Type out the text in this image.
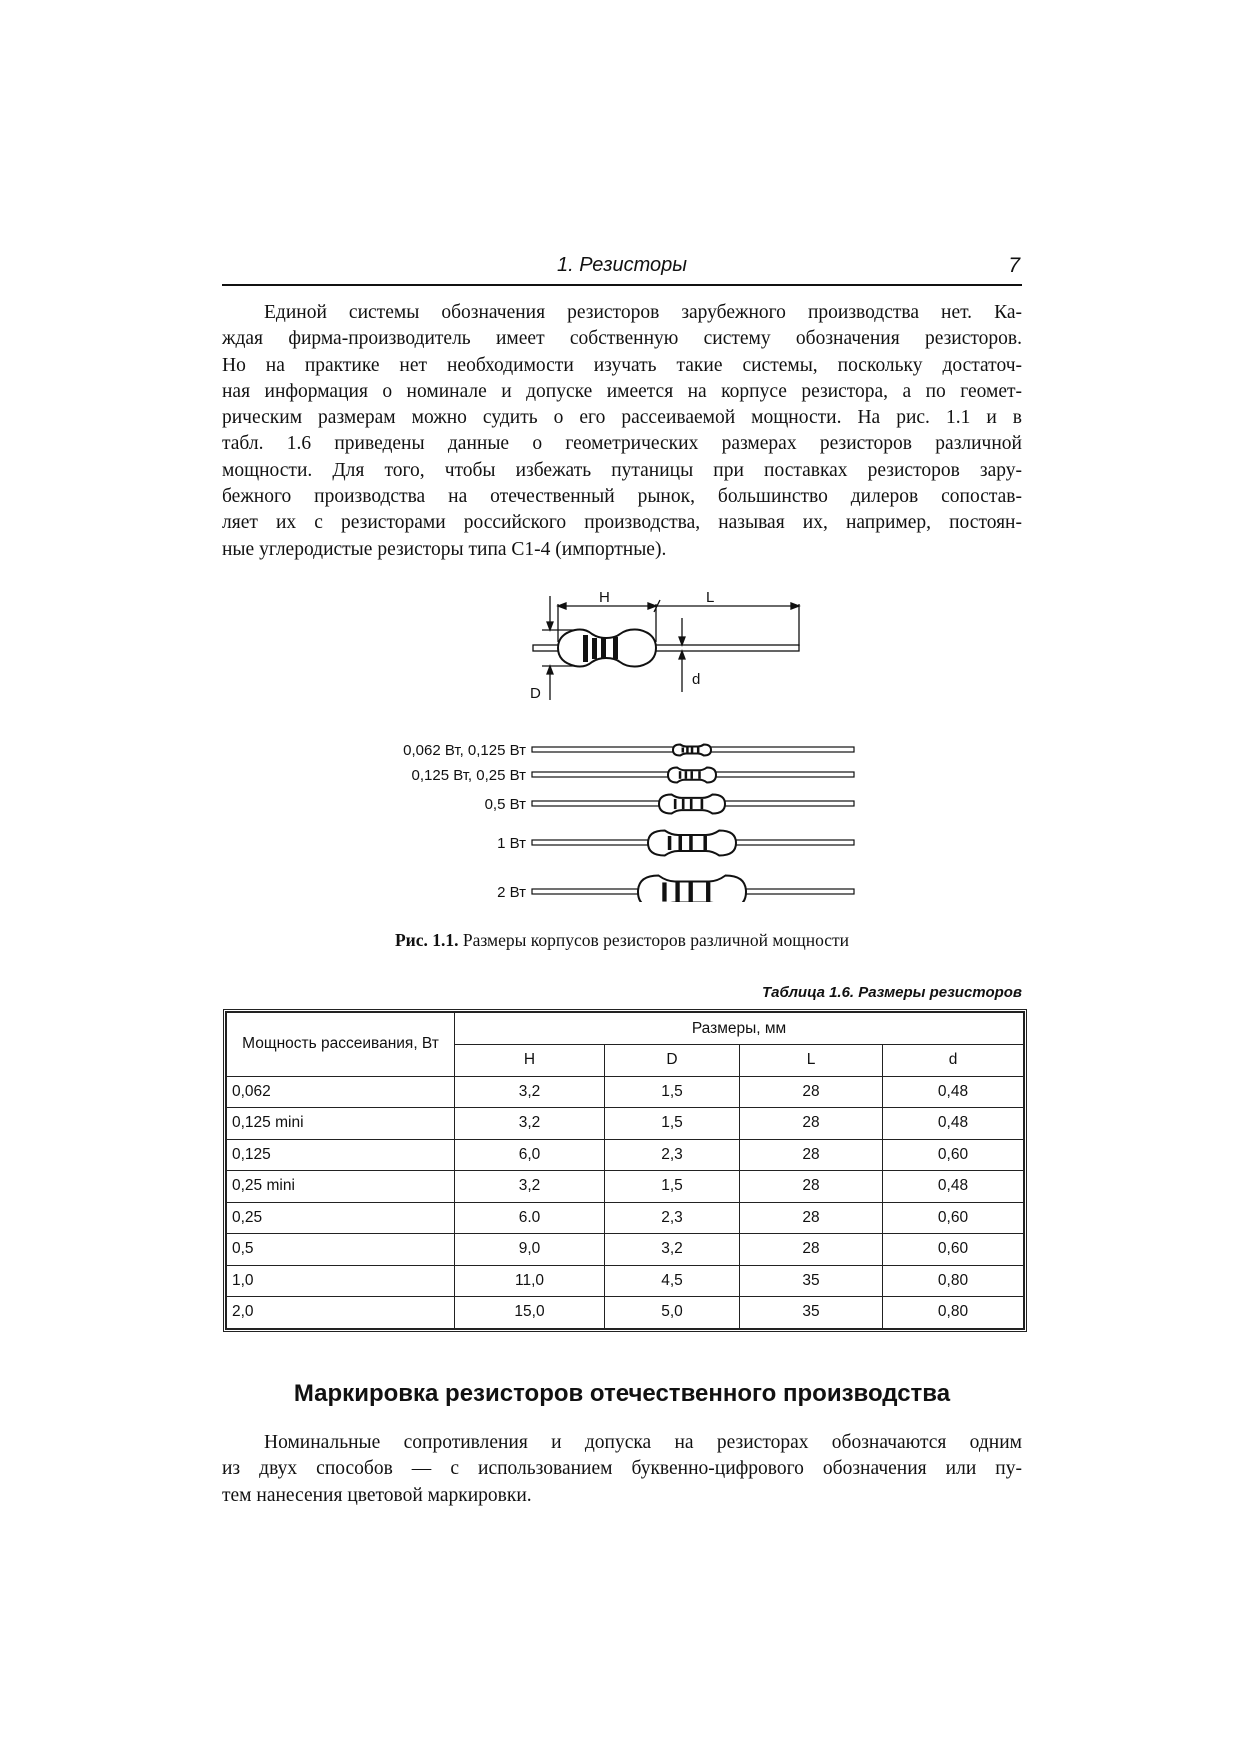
1. Резисторы	7
Единой системы обозначения резисторов зарубежного производства нет. Ка-
ждая фирма-производитель имеет собственную систему обозначения резисторов.
Но на практике нет необходимости изучать такие системы, поскольку достаточ-
ная информация о номинале и допуске имеется на корпусе резистора, а по геомет-
рическим размерам можно судить о его рассеиваемой мощности. На рис. 1.1 и в
табл. 1.6 приведены данные о геометрических размерах резисторов различной
мощности. Для того, чтобы избежать путаницы при поставках резисторов зару-
бежного производства на отечественный рынок, большинство дилеров сопостав-
ляет их с резисторами российского производства, называя их, например, постоян-
ные углеродистые резисторы типа С1-4 (импортные).
H	L
D
d
0,062 Вт, 0,125 Вт
0,125 Вт, 0,25 Вт
0,5 Вт
1 Вт
2 Вт
Рис. 1.1. Размеры корпусов резисторов различной мощности
Таблица 1.6. Размеры резисторов
Мощность рассеивания, Вт	Размеры, мм			
	H	D	L	d
0,062	3,2	1,5	28	0,48
0,125 mini	3,2	1,5	28	0,48
0,125	6,0	2,3	28	0,60
0,25 mini	3,2	1,5	28	0,48
0,25	6.0	2,3	28	0,60
0,5	9,0	3,2	28	0,60
1,0	11,0	4,5	35	0,80
2,0	15,0	5,0	35	0,80
Маркировка резисторов отечественного производства
Номинальные сопротивления и допуска на резисторах обозначаются одним
из двух способов — с использованием буквенно-цифрового обозначения или пу-
тем нанесения цветовой маркировки.
